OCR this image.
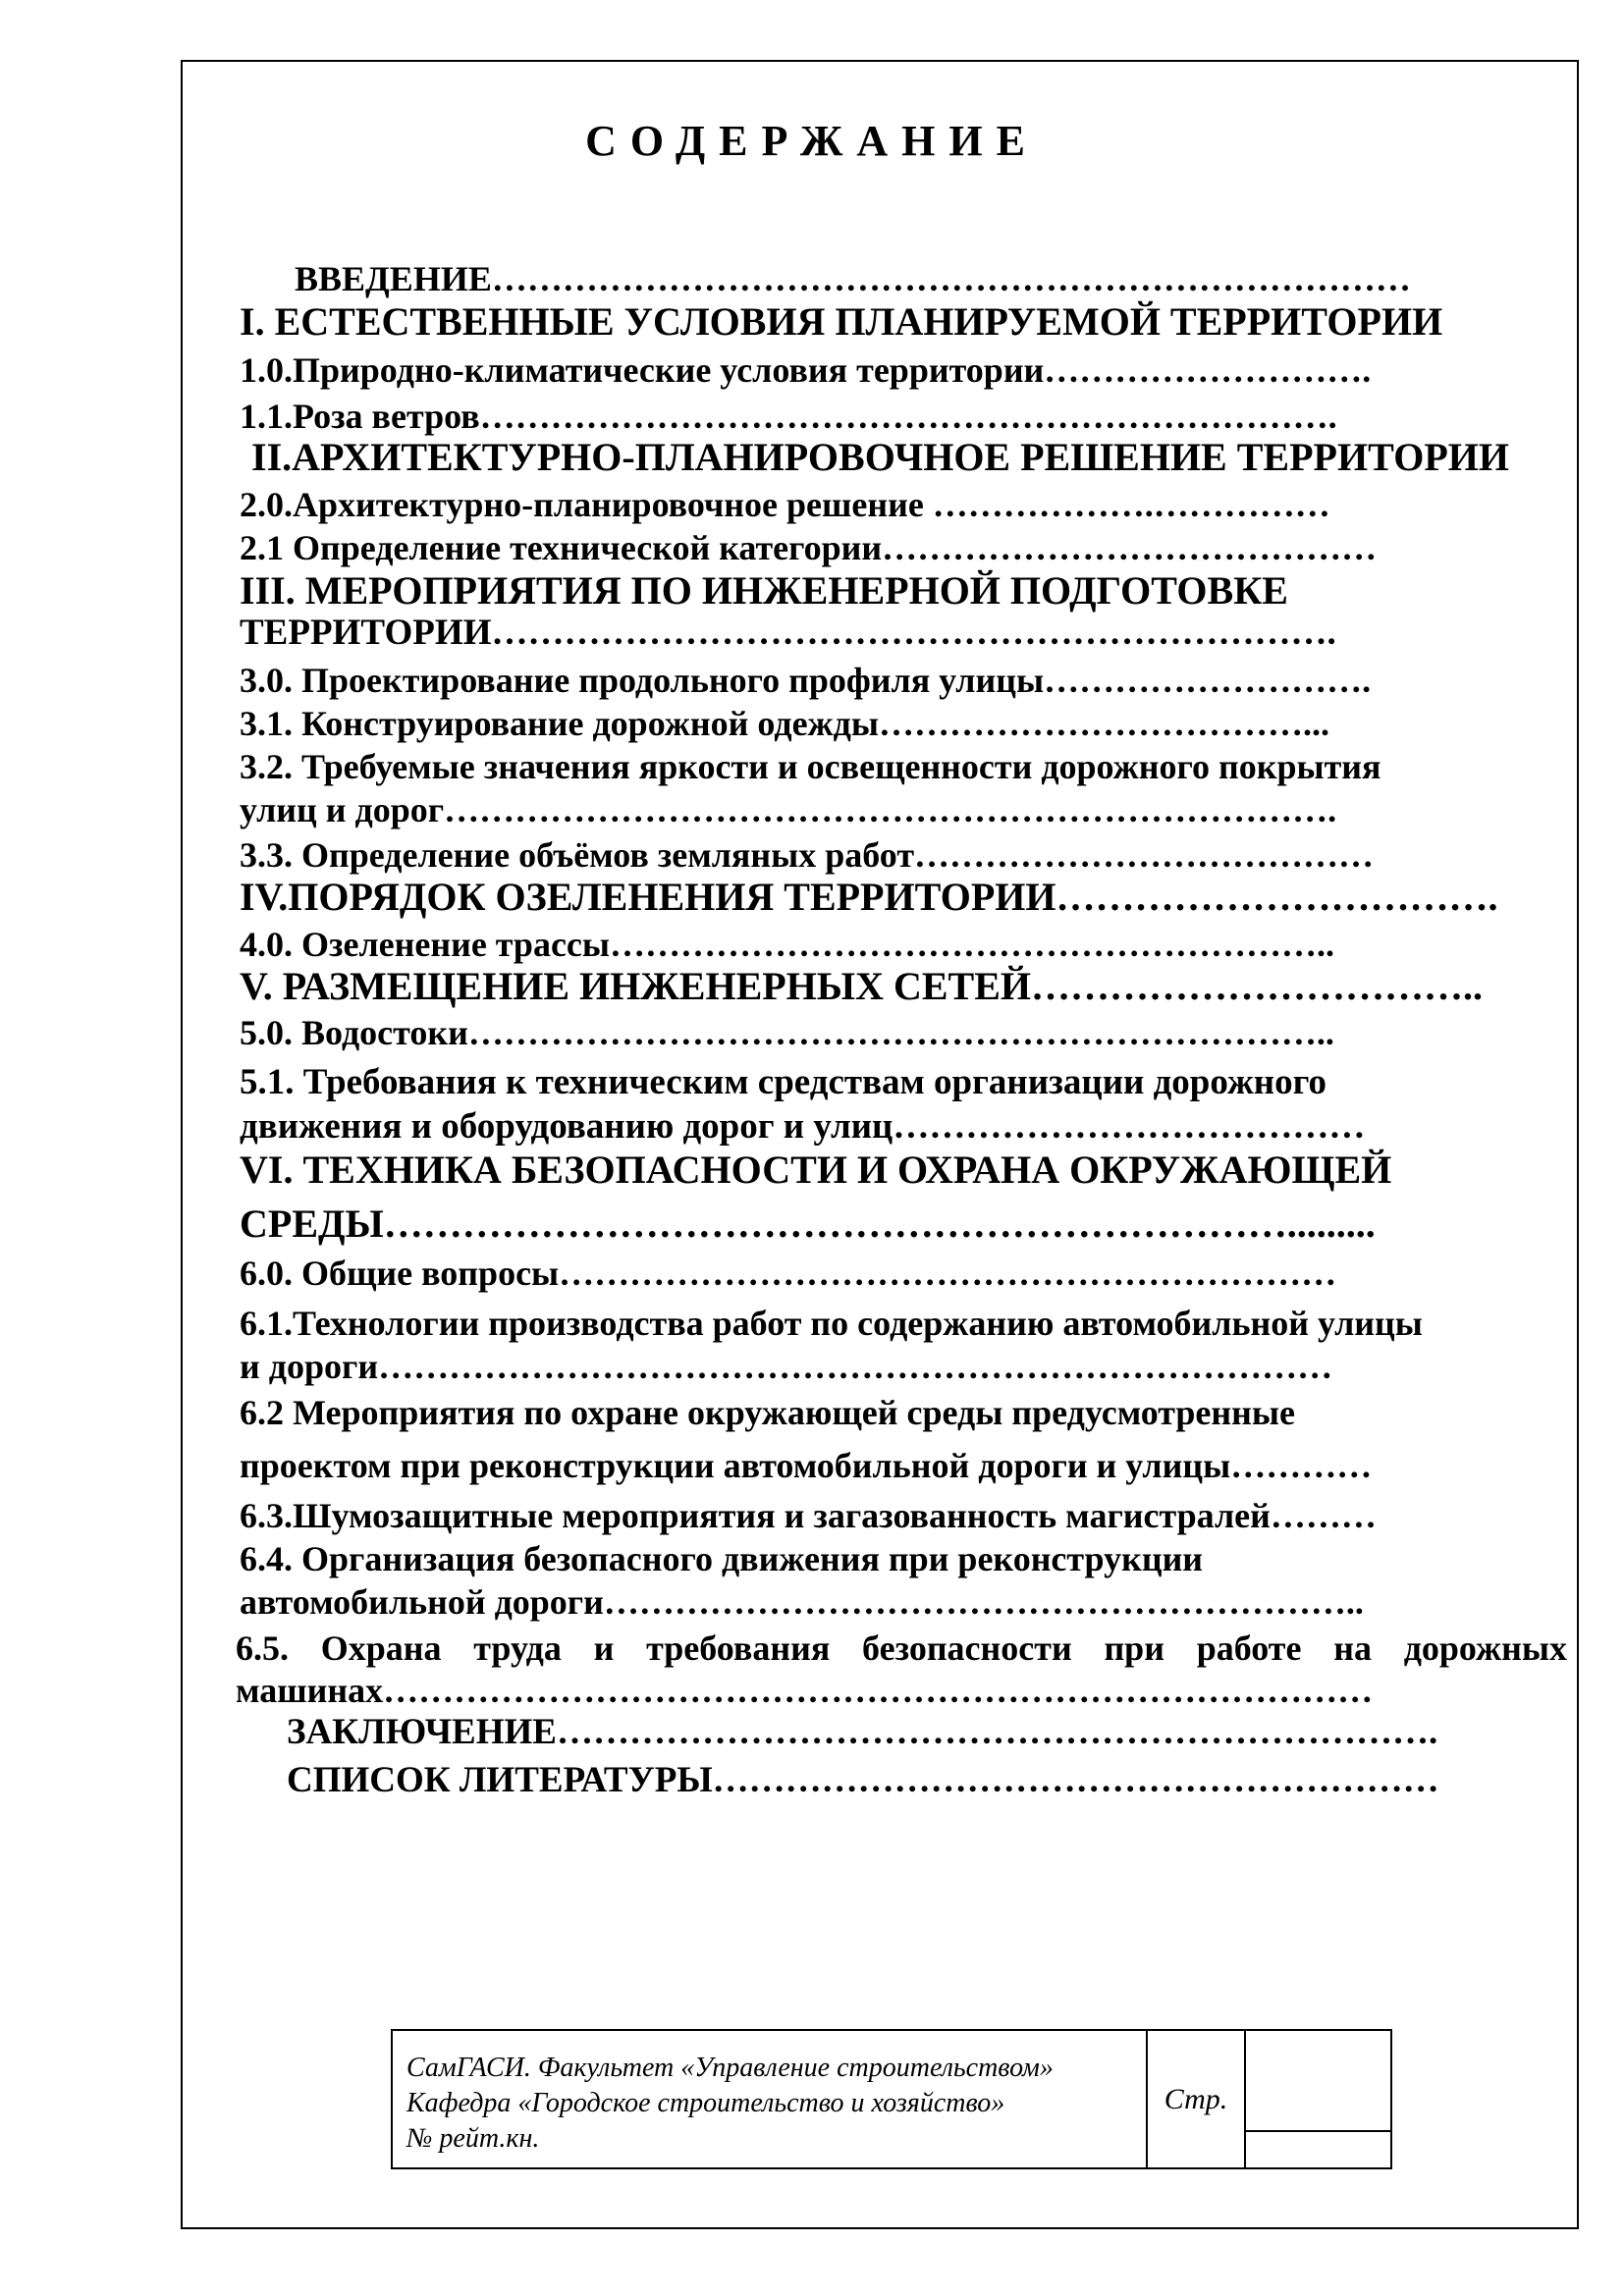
СОДЕРЖАНИЕ
ВВЕДЕНИЕ……………………………………………………………………
I. ЕСТЕСТВЕННЫЕ УСЛОВИЯ ПЛАНИРУЕМОЙ ТЕРРИТОРИИ
1.0.Природно-климатические условия территории……………………….
1.1.Роза ветров……………………………………………………………….
II.АРХИТЕКТУРНО-ПЛАНИРОВОЧНОЕ РЕШЕНИЕ ТЕРРИТОРИИ
2.0.Архитектурно-планировочное решение ……………….……………
2.1 Определение технической категории……………………………………
III. МЕРОПРИЯТИЯ ПО ИНЖЕНЕРНОЙ ПОДГОТОВКЕ
ТЕРРИТОРИИ…………………………………………………………….
3.0. Проектирование продольного профиля улицы……………………….
3.1. Конструирование дорожной одежды………………………………...
3.2. Требуемые значения яркости и освещенности дорожного покрытия
улиц и дорог………………………………………………………………….
3.3. Определение объёмов земляных работ…………………………………
IV.ПОРЯДОК ОЗЕЛЕНЕНИЯ ТЕРРИТОРИИ…………………………….
4.0. Озеленение трассы……………………………………………………..
V. РАЗМЕЩЕНИЕ ИНЖЕНЕРНЫХ СЕТЕЙ……………………………..
5.0. Водостоки………………………………………………………………..
5.1. Требования к техническим средствам организации дорожного
движения и оборудованию дорог и улиц…………………………………
VI. ТЕХНИКА БЕЗОПАСНОСТИ И ОХРАНА ОКРУЖАЮЩЕЙ
СРЕДЫ…………………………………………………………….........
6.0. Общие вопросы…………………………………………………………
6.1.Технологии производства работ по содержанию автомобильной улицы
и дороги………………………………………………………………………
6.2 Мероприятия по охране окружающей среды предусмотренные
проектом при реконструкции автомобильной дороги и улицы…………
6.3.Шумозащитные мероприятия и загазованность магистралей………
6.4. Организация безопасного движения при реконструкции
автомобильной дороги………………………………………………………..
6.5. Охрана труда и требования безопасности при работе на дорожных
машинах…………………………………………………………………………
ЗАКЛЮЧЕНИЕ……………………………………………………………….
СПИСОК ЛИТЕРАТУРЫ……………………………………………………
СамГАСИ. Факультет «Управление строительством»
Кафедра «Городское строительство и хозяйство»
№ рейт.кн.
Стр.
